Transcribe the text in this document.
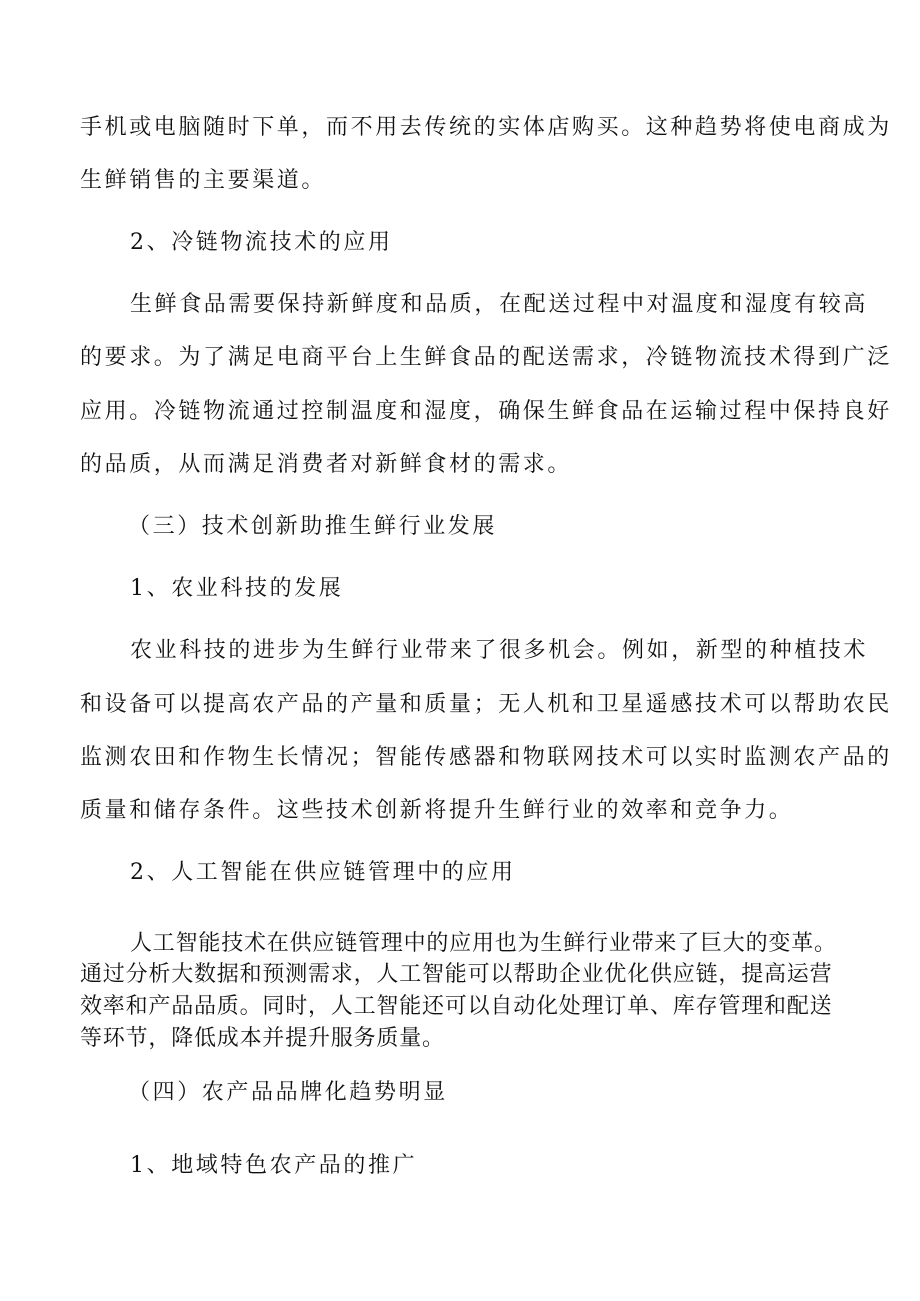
手机或电脑随时下单，而不用去传统的实体店购买。这种趋势将使电商成为
生鲜销售的主要渠道。
2、冷链物流技术的应用
生鲜食品需要保持新鲜度和品质，在配送过程中对温度和湿度有较高
的要求。为了满足电商平台上生鲜食品的配送需求，冷链物流技术得到广泛
应用。冷链物流通过控制温度和湿度，确保生鲜食品在运输过程中保持良好
的品质，从而满足消费者对新鲜食材的需求。
（三）技术创新助推生鲜行业发展
1、农业科技的发展
农业科技的进步为生鲜行业带来了很多机会。例如，新型的种植技术
和设备可以提高农产品的产量和质量；无人机和卫星遥感技术可以帮助农民
监测农田和作物生长情况；智能传感器和物联网技术可以实时监测农产品的
质量和储存条件。这些技术创新将提升生鲜行业的效率和竞争力。
2、人工智能在供应链管理中的应用
人工智能技术在供应链管理中的应用也为生鲜行业带来了巨大的变革。
通过分析大数据和预测需求，人工智能可以帮助企业优化供应链，提高运营
效率和产品品质。同时，人工智能还可以自动化处理订单、库存管理和配送
等环节，降低成本并提升服务质量。
（四）农产品品牌化趋势明显
1、地域特色农产品的推广
